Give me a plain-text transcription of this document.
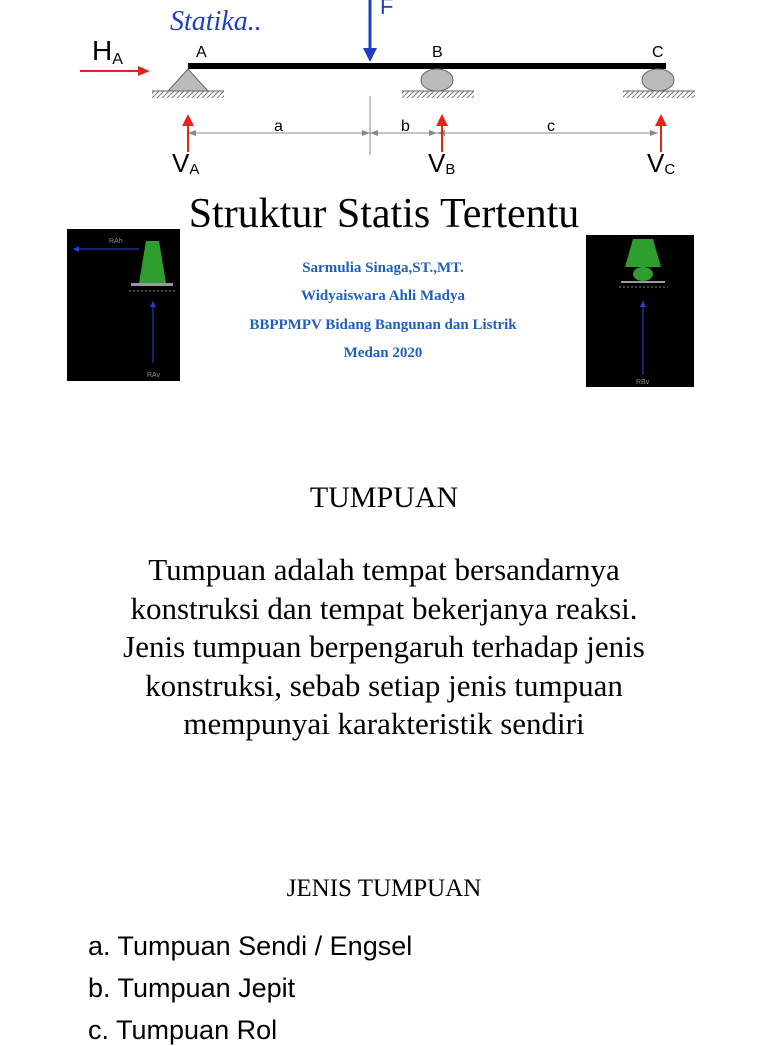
Statika..	F
HA	A	B	C
a	b	c
VA	VB	VC
Struktur Statis Tertentu
RAh
RAv
RBv
Sarmulia Sinaga,ST.,MT.
Widyaiswara Ahli Madya
BBPPMPV Bidang Bangunan dan Listrik
Medan 2020
TUMPUAN
Tumpuan adalah tempat bersandarnya
konstruksi dan tempat bekerjanya reaksi.
Jenis tumpuan berpengaruh terhadap jenis
konstruksi, sebab setiap jenis tumpuan
mempunyai karakteristik sendiri
JENIS TUMPUAN
a. Tumpuan Sendi / Engsel
b. Tumpuan Jepit
c. Tumpuan Rol
